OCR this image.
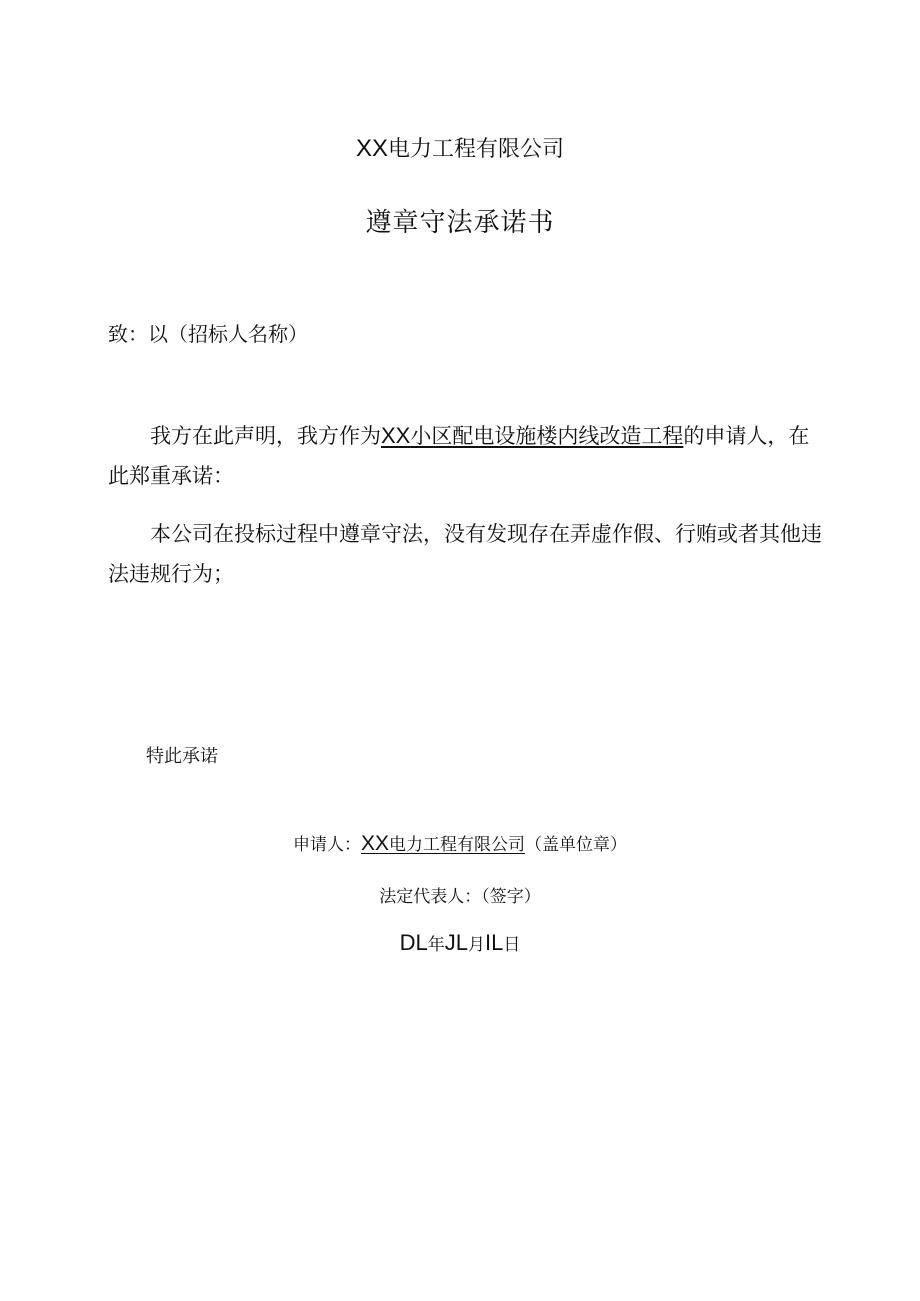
XX电力工程有限公司
遵章守法承诺书
致：以（招标人名称）
我方在此声明，我方作为XX小区配电设施楼内线改造工程的申请人，在此郑重承诺：
本公司在投标过程中遵章守法，没有发现存在弄虚作假、行贿或者其他违法违规行为；
特此承诺
申请人：XX电力工程有限公司（盖单位章）
法定代表人：（签字）
DL年JL月IL日
